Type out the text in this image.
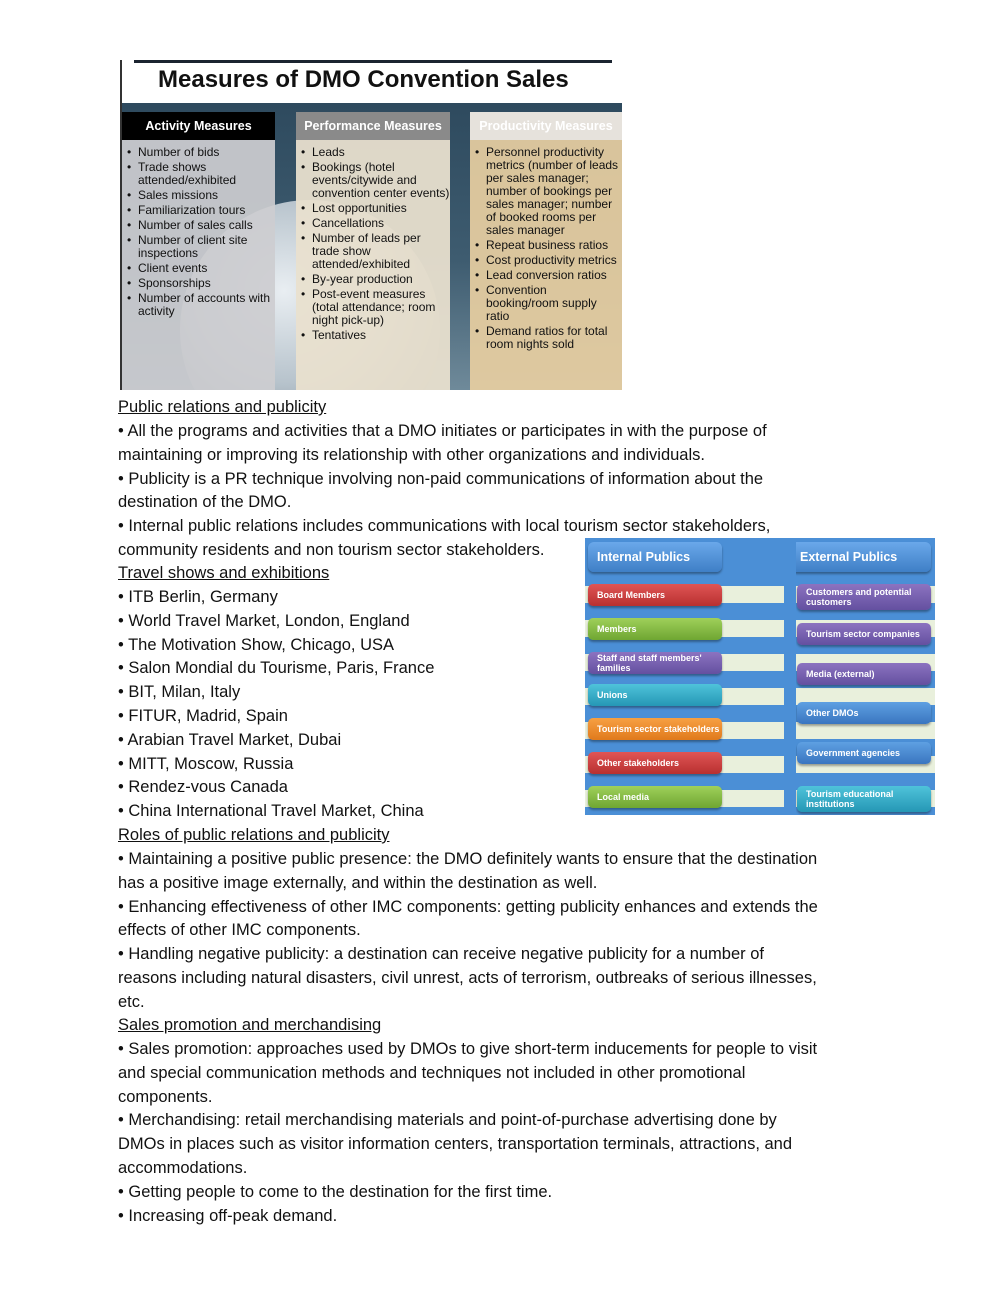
Measures of DMO Convention Sales
Activity Measures
• Number of bids
• Trade shows attended/exhibited
• Sales missions
• Familiarization tours
• Number of sales calls
• Number of client site inspections
• Client events
• Sponsorships
• Number of accounts with activity
Performance Measures
• Leads
• Bookings (hotel events/citywide and convention center events)
• Lost opportunities
• Cancellations
• Number of leads per trade show attended/exhibited
• By-year production
• Post-event measures (total attendance; room night pick-up)
• Tentatives
Productivity Measures
• Personnel productivity metrics (number of leads per sales manager; number of bookings per sales manager; number of booked rooms per sales manager
• Repeat business ratios
• Cost productivity metrics
• Lead conversion ratios
• Convention booking/room supply ratio
• Demand ratios for total room nights sold
Internal Publics	External Publics
Board Members
Members
Staff and staff members' families
Unions
Tourism sector stakeholders
Other stakeholders
Local media
Customers and potential customers
Tourism sector companies
Media (external)
Other DMOs
Government agencies
Tourism educational institutions
Public relations and publicity
• All the programs and activities that a DMO initiates or participates in with the purpose of
maintaining or improving its relationship with other organizations and individuals.
• Publicity is a PR technique involving non-paid communications of information about the
destination of the DMO.
• Internal public relations includes communications with local tourism sector stakeholders,
community residents and non tourism sector stakeholders.
Travel shows and exhibitions
• ITB Berlin, Germany
• World Travel Market, London, England
• The Motivation Show, Chicago, USA
• Salon Mondial du Tourisme, Paris, France
• BIT, Milan, Italy
• FITUR, Madrid, Spain
• Arabian Travel Market, Dubai
• MITT, Moscow, Russia
• Rendez-vous Canada
• China International Travel Market, China
Roles of public relations and publicity
• Maintaining a positive public presence: the DMO definitely wants to ensure that the destination
has a positive image externally, and within the destination as well.
• Enhancing effectiveness of other IMC components: getting publicity enhances and extends the
effects of other IMC components.
• Handling negative publicity: a destination can receive negative publicity for a number of
reasons including natural disasters, civil unrest, acts of terrorism, outbreaks of serious illnesses,
etc.
Sales promotion and merchandising
• Sales promotion: approaches used by DMOs to give short-term inducements for people to visit
and special communication methods and techniques not included in other promotional
components.
• Merchandising: retail merchandising materials and point-of-purchase advertising done by
DMOs in places such as visitor information centers, transportation terminals, attractions, and
accommodations.
• Getting people to come to the destination for the first time.
• Increasing off-peak demand.
